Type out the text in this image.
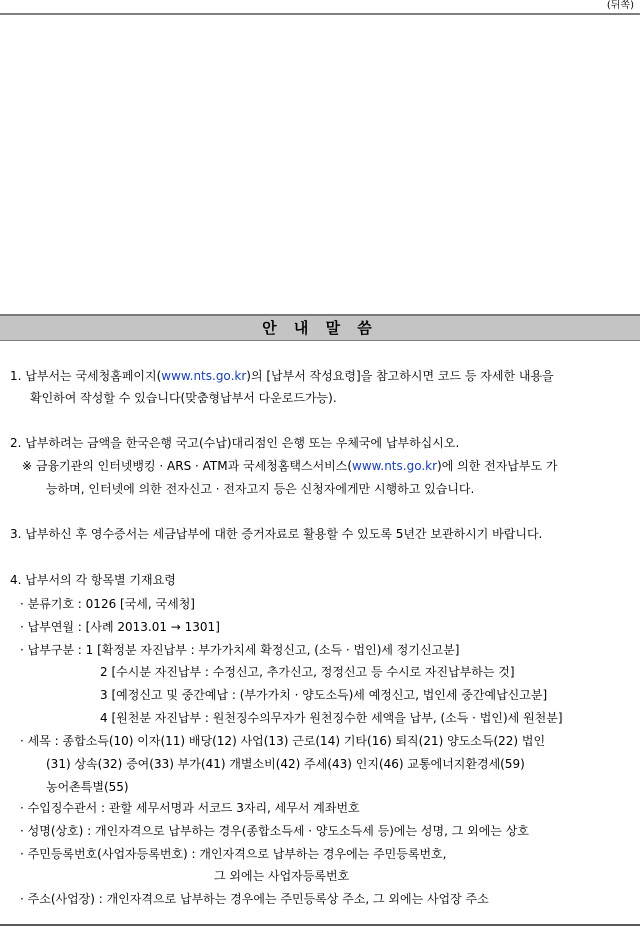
(뒤쪽)
안 내 말 씀
1. 납부서는 국세청홈페이지(www.nts.go.kr)의 [납부서 작성요령]을 참고하시면 코드 등 자세한 내용을
확인하여 작성할 수 있습니다(맞춤형납부서 다운로드가능).
2. 납부하려는 금액을 한국은행 국고(수납)대리점인 은행 또는 우체국에 납부하십시오.
※ 금융기관의 인터넷뱅킹 · ARS · ATM과 국세청홈택스서비스(www.nts.go.kr)에 의한 전자납부도 가
능하며, 인터넷에 의한 전자신고 · 전자고지 등은 신청자에게만 시행하고 있습니다.
3. 납부하신 후 영수증서는 세금납부에 대한 증거자료로 활용할 수 있도록 5년간 보관하시기 바랍니다.
4. 납부서의 각 항목별 기재요령
· 분류기호 : 0126 [국세, 국세청]
· 납부연월 : [사례 2013.01 → 1301]
· 납부구분 : 1 [확정분 자진납부 : 부가가치세 확정신고, (소득 · 법인)세 정기신고분]
2 [수시분 자진납부 : 수정신고, 추가신고, 정정신고 등 수시로 자진납부하는 것]
3 [예정신고 및 중간예납 : (부가가치 · 양도소득)세 예정신고, 법인세 중간예납신고분]
4 [원천분 자진납부 : 원천징수의무자가 원천징수한 세액을 납부, (소득 · 법인)세 원천분]
· 세목 : 종합소득(10) 이자(11) 배당(12) 사업(13) 근로(14) 기타(16) 퇴직(21) 양도소득(22) 법인
(31) 상속(32) 증여(33) 부가(41) 개별소비(42) 주세(43) 인지(46) 교통에너지환경세(59)
농어촌특별(55)
· 수입징수관서 : 관할 세무서명과 서코드 3자리, 세무서 계좌번호
· 성명(상호) : 개인자격으로 납부하는 경우(종합소득세 · 양도소득세 등)에는 성명, 그 외에는 상호
· 주민등록번호(사업자등록번호) : 개인자격으로 납부하는 경우에는 주민등록번호,
그 외에는 사업자등록번호
· 주소(사업장) : 개인자격으로 납부하는 경우에는 주민등록상 주소, 그 외에는 사업장 주소
